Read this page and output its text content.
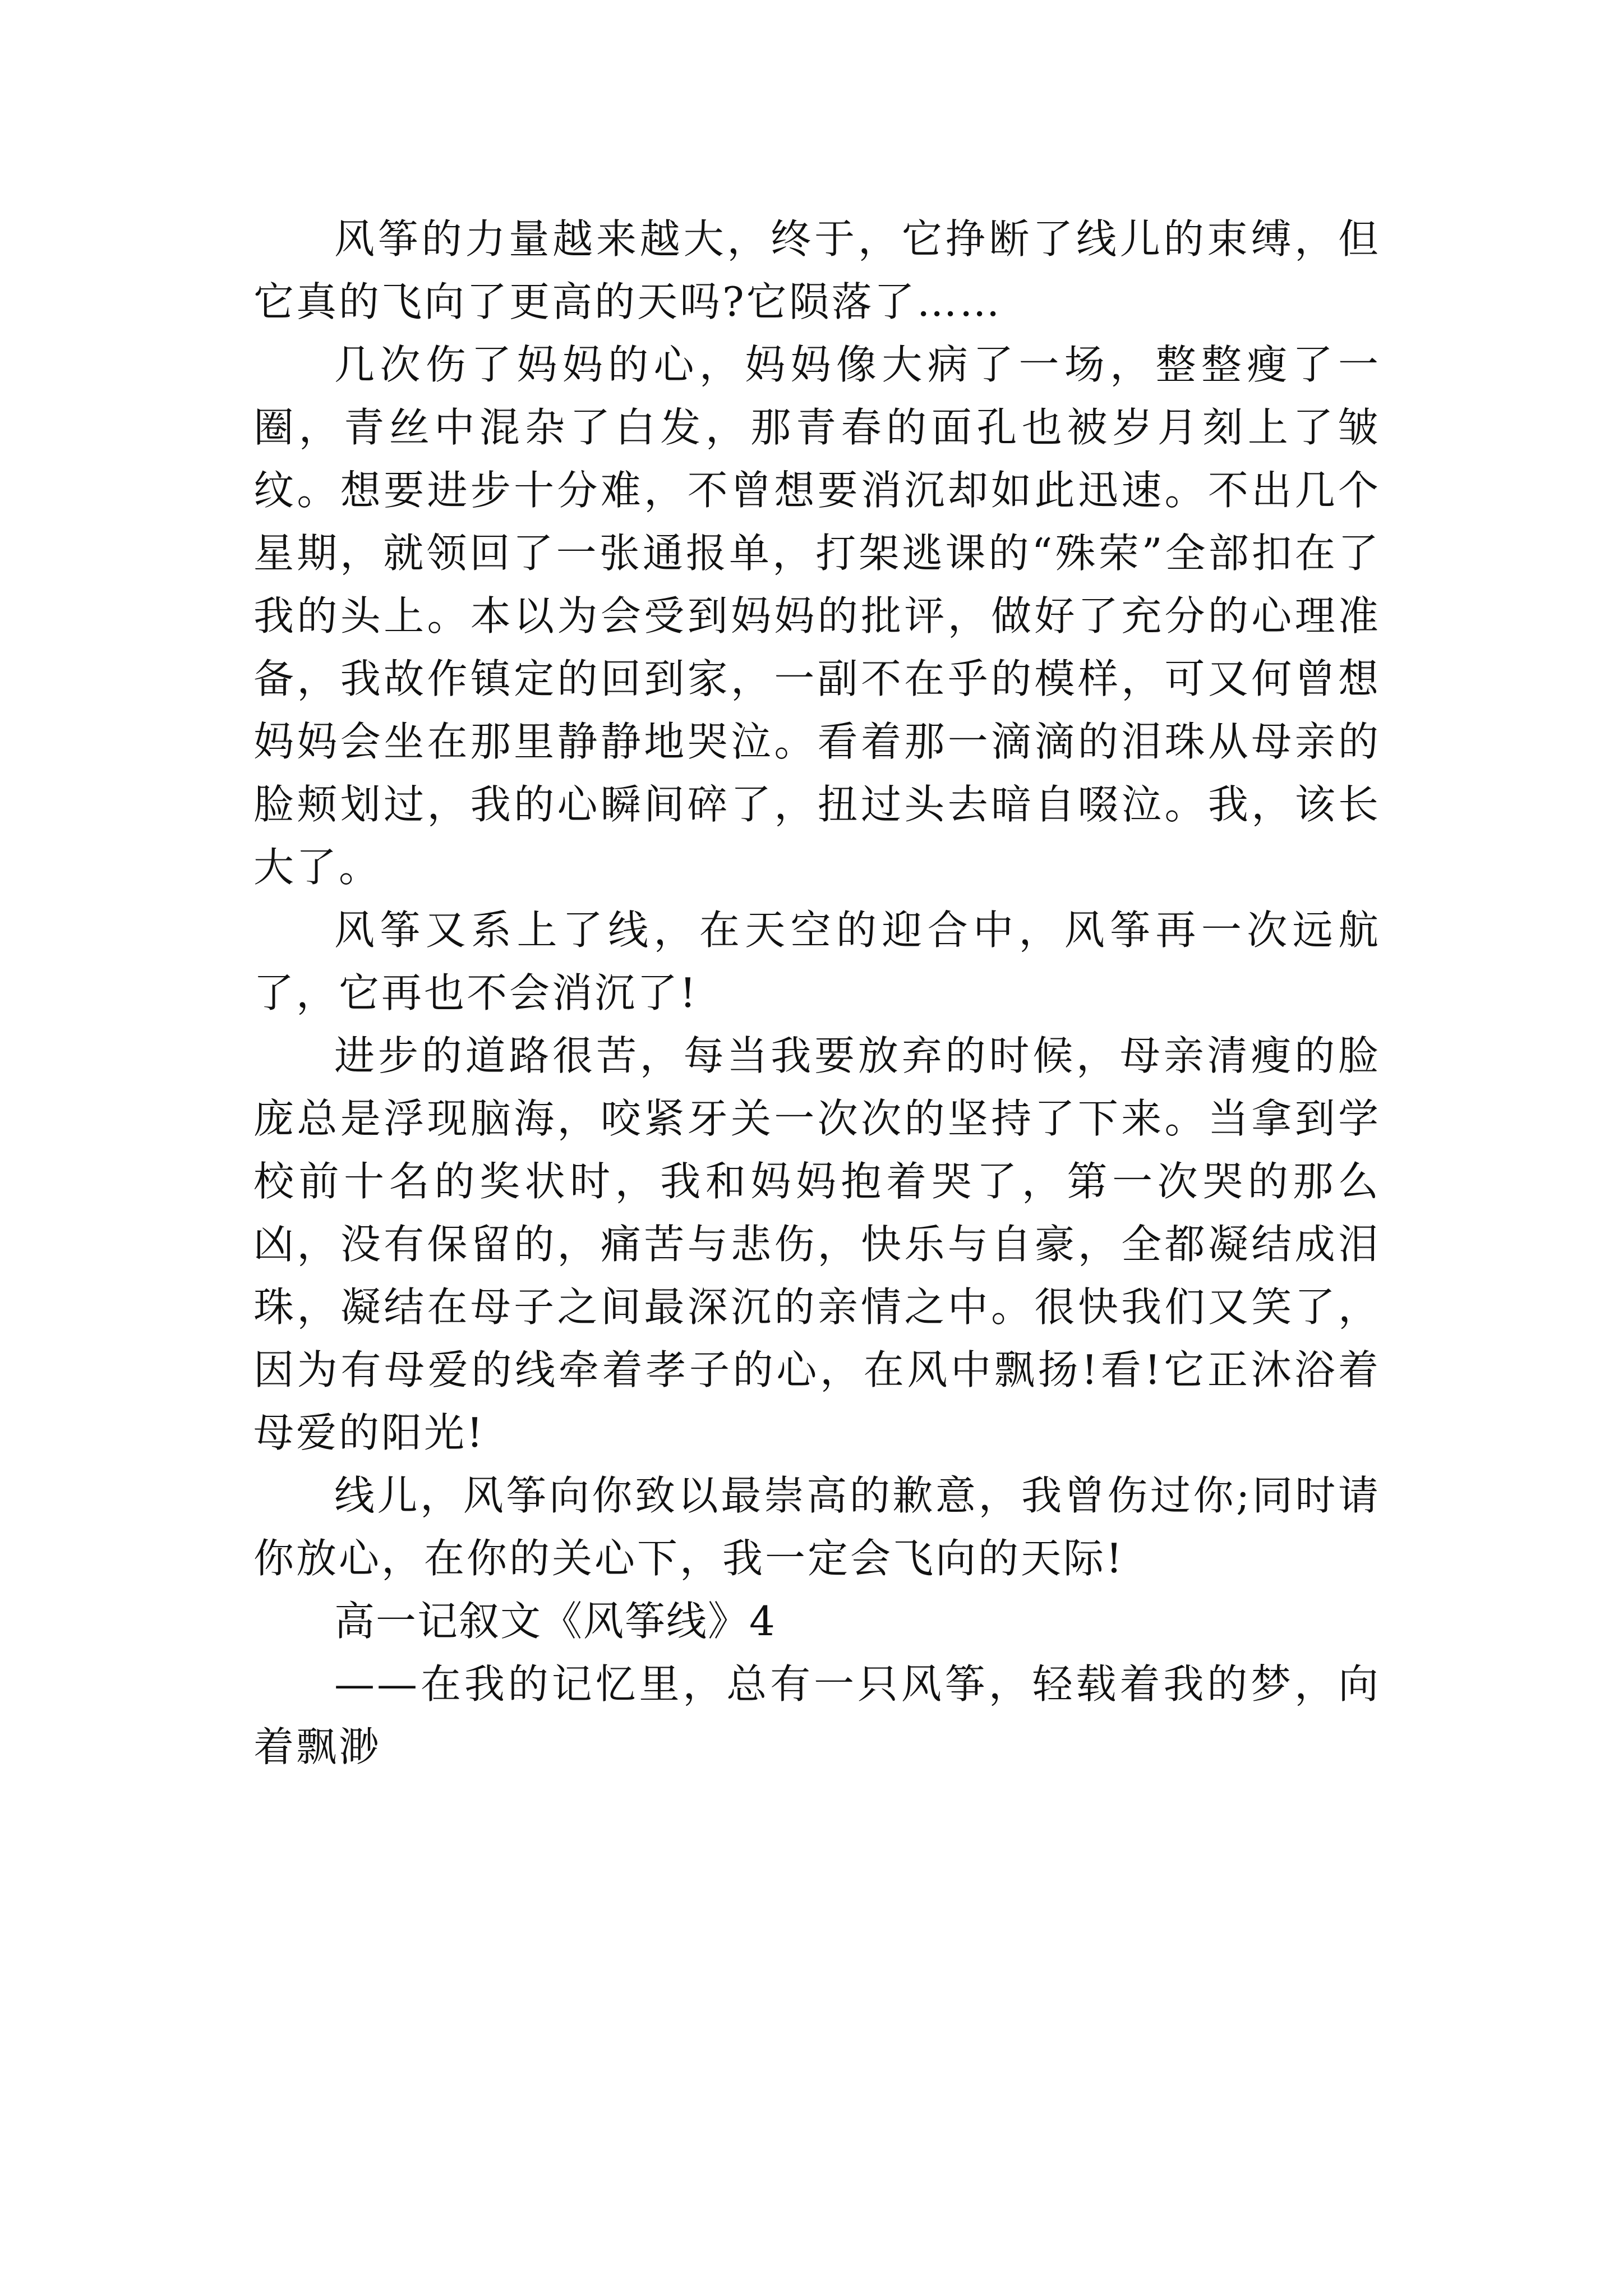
风筝的力量越来越大，终于，它挣断了线儿的束缚，但它真的飞向了更高的天吗?它陨落了……

几次伤了妈妈的心，妈妈像大病了一场，整整瘦了一圈，青丝中混杂了白发，那青春的面孔也被岁月刻上了皱纹。想要进步十分难，不曾想要消沉却如此迅速。不出几个星期，就领回了一张通报单，打架逃课的“殊荣”全部扣在了我的头上。本以为会受到妈妈的批评，做好了充分的心理准备，我故作镇定的回到家，一副不在乎的模样，可又何曾想妈妈会坐在那里静静地哭泣。看着那一滴滴的泪珠从母亲的脸颊划过，我的心瞬间碎了，扭过头去暗自啜泣。我，该长大了。

风筝又系上了线，在天空的迎合中，风筝再一次远航了，它再也不会消沉了!

进步的道路很苦，每当我要放弃的时候，母亲清瘦的脸庞总是浮现脑海，咬紧牙关一次次的坚持了下来。当拿到学校前十名的奖状时，我和妈妈抱着哭了，第一次哭的那么凶，没有保留的，痛苦与悲伤，快乐与自豪，全都凝结成泪珠，凝结在母子之间最深沉的亲情之中。很快我们又笑了，因为有母爱的线牵着孝子的心，在风中飘扬!看!它正沐浴着母爱的阳光!

线儿，风筝向你致以最崇高的歉意，我曾伤过你;同时请你放心，在你的关心下，我一定会飞向的天际!

高一记叙文《风筝线》4

——在我的记忆里，总有一只风筝，轻载着我的梦，向着飘渺
